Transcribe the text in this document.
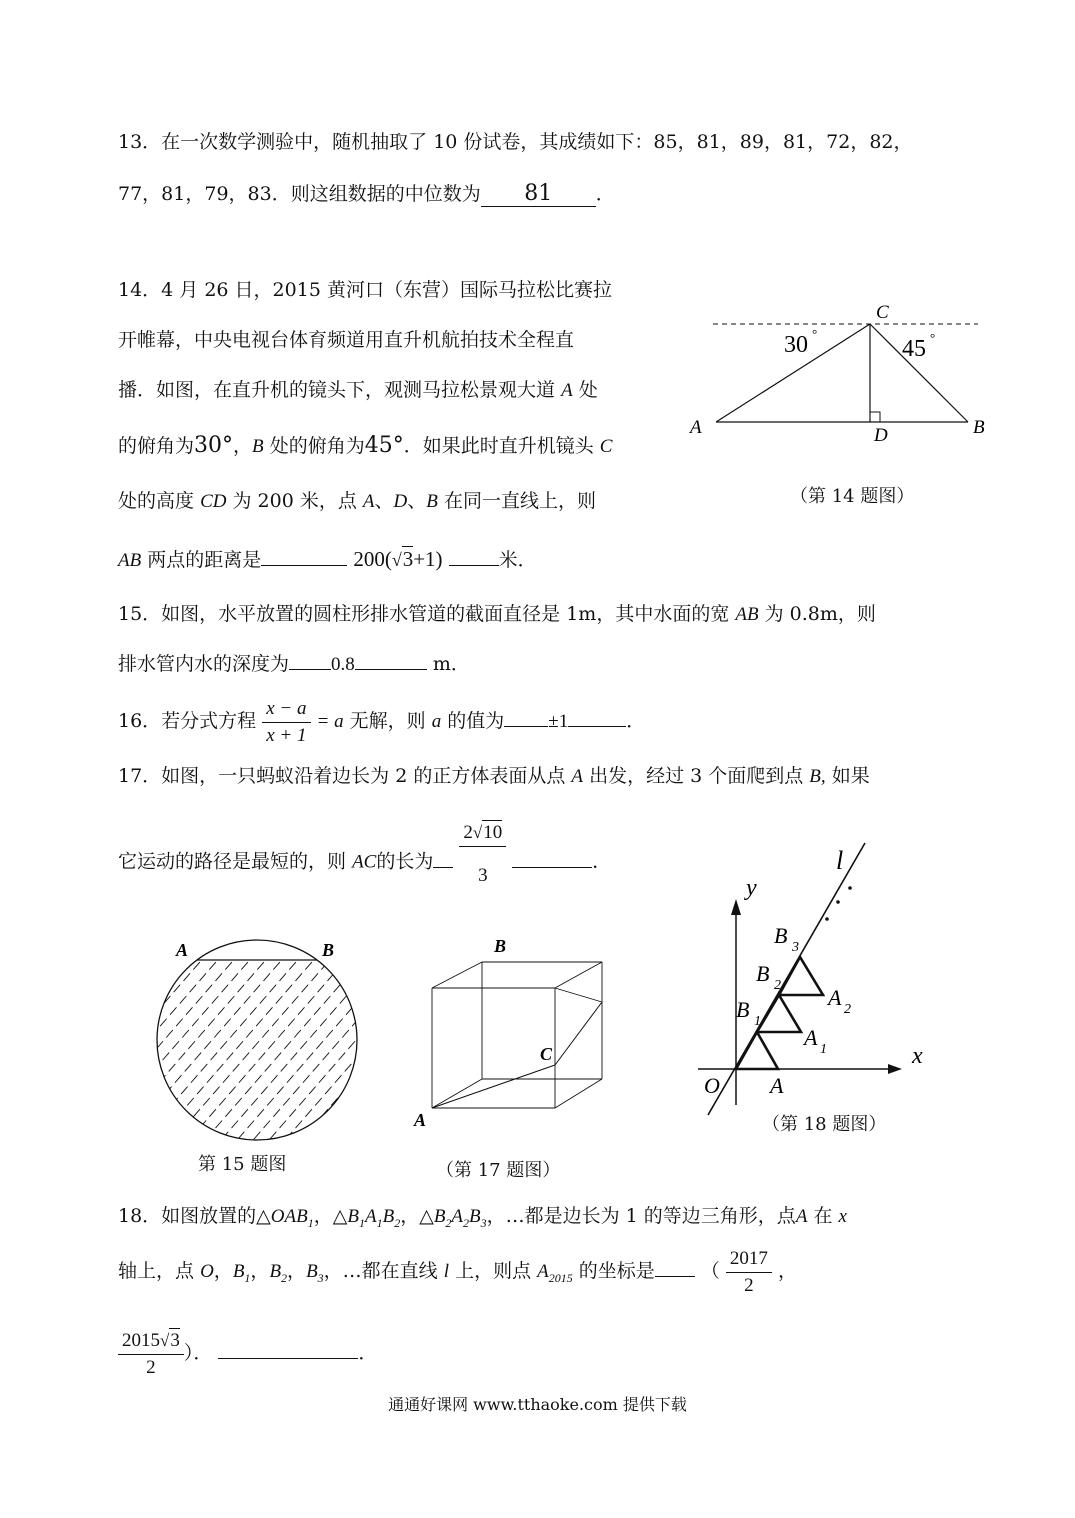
13．在一次数学测验中，随机抽取了 10 份试卷，其成绩如下：85，81，89，81，72，82，
77，81，79，83．则这组数据的中位数为 81 ．
14．4 月 26 日，2015 黄河口（东营）国际马拉松比赛拉
开帷幕，中央电视台体育频道用直升机航拍技术全程直
播．如图，在直升机的镜头下，观测马拉松景观大道 A 处
的俯角为30°，B 处的俯角为45°．如果此时直升机镜头 C
处的高度 CD 为 200 米，点 A、D、B 在同一直线上，则
AB 两点的距离是	200(√3+1)	米．
C
A	B
D
30 °
45 °
（第 14 题图）
15．如图，水平放置的圆柱形排水管道的截面直径是 1m，其中水面的宽 AB 为 0.8m，则
排水管内水的深度为 0.8	m．
16．若分式方程 $\frac{x - a}{x + 1} = a$ 无解，则 a 的值为 ±1	．
17．如图，一只蚂蚁沿着边长为 2 的正方体表面从点 A 出发，经过 3 个面爬到点 B, 如果
它运动的路径是最短的，则 AC的长为 $\frac{2√10}{3}$	．
A	B
第 15 题图
B
C
A
（第 17 题图）
l
y
x
O A
B 1
B 2
B 3
A 1
A 2
（第 18 题图）
18．如图放置的$\triangle OAB_1$，$\triangle B_1A_1B_2$，$\triangle B_2A_2B_3$，…都是边长为 1 的等边三角形，点A 在 x
轴上，点 O，$B_1$，$B_2$，$B_3$，…都在直线 l 上，则点 $A_{2015}$ 的坐标是 （ $\frac{2017}{2}$ ，
$\frac{2015√3}{2}$ ）．	．
通通好课网 www.tthaoke.com 提供下载
